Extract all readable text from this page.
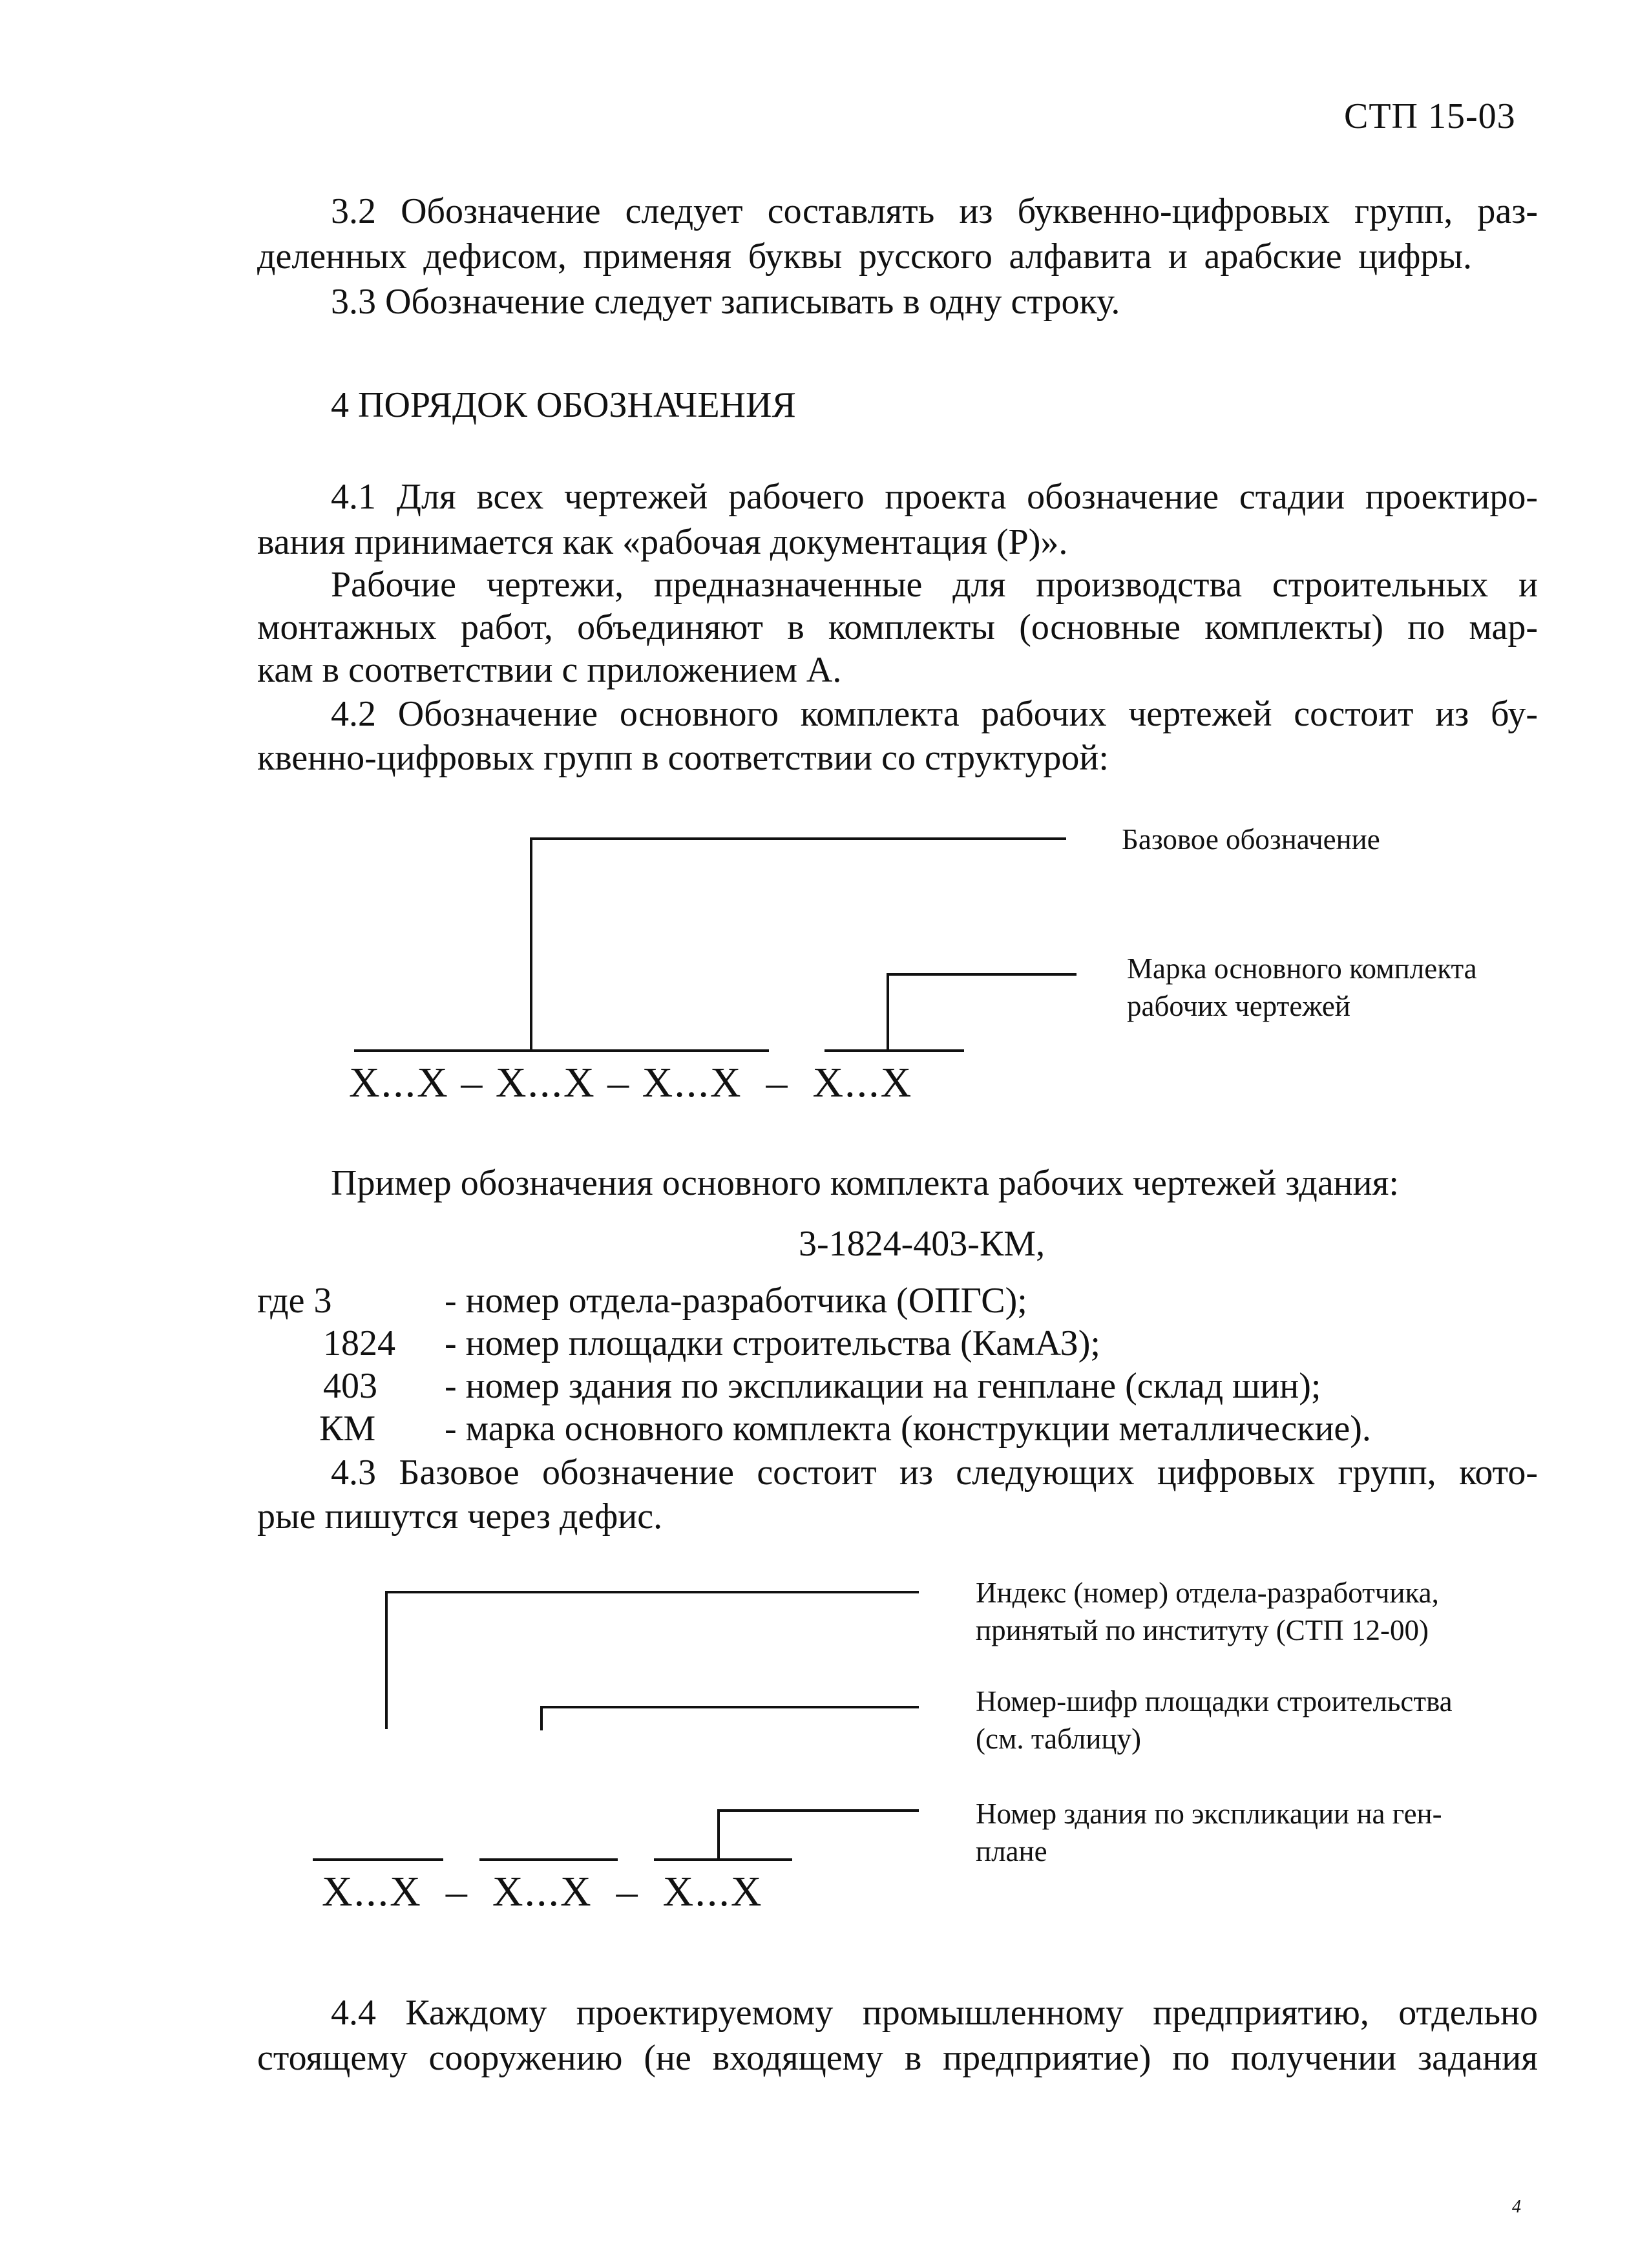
СТП 15-03
3.2 Обозначение следует составлять из буквенно-цифровых групп, раз-
деленных дефисом, применяя буквы русского алфавита и арабские цифры.
3.3 Обозначение следует записывать в одну строку.
4 ПОРЯДОК ОБОЗНАЧЕНИЯ
4.1 Для всех чертежей рабочего проекта обозначение стадии проектиро-
вания принимается как «рабочая документация (Р)».
Рабочие чертежи, предназначенные для производства строительных и
монтажных работ, объединяют в комплекты (основные комплекты) по мар-
кам в соответствии с приложением А.
4.2 Обозначение основного комплекта рабочих чертежей состоит из бу-
квенно-цифровых групп в соответствии со структурой:
Базовое обозначение
Марка основного комплекта
рабочих чертежей
Х...Х – Х...Х – Х...Х  –  Х...Х
Пример обозначения основного комплекта рабочих чертежей здания:
3-1824-403-КМ,
где 3	- номер отдела-разработчика (ОПГС);
1824 - номер площадки строительства (КамАЗ);
403 - номер здания по экспликации на генплане (склад шин);
КМ - марка основного комплекта (конструкции металлические).
4.3 Базовое обозначение состоит из следующих цифровых групп, кото-
рые пишутся через дефис.
Индекс (номер) отдела-разработчика,
принятый по институту (СТП 12-00)
Номер-шифр площадки строительства
(см. таблицу)
Номер здания по экспликации на ген-
плане
Х...Х  –  Х...Х  –  Х...Х
4.4 Каждому проектируемому промышленному предприятию, отдельно
стоящему сооружению (не входящему в предприятие) по получении задания
4
